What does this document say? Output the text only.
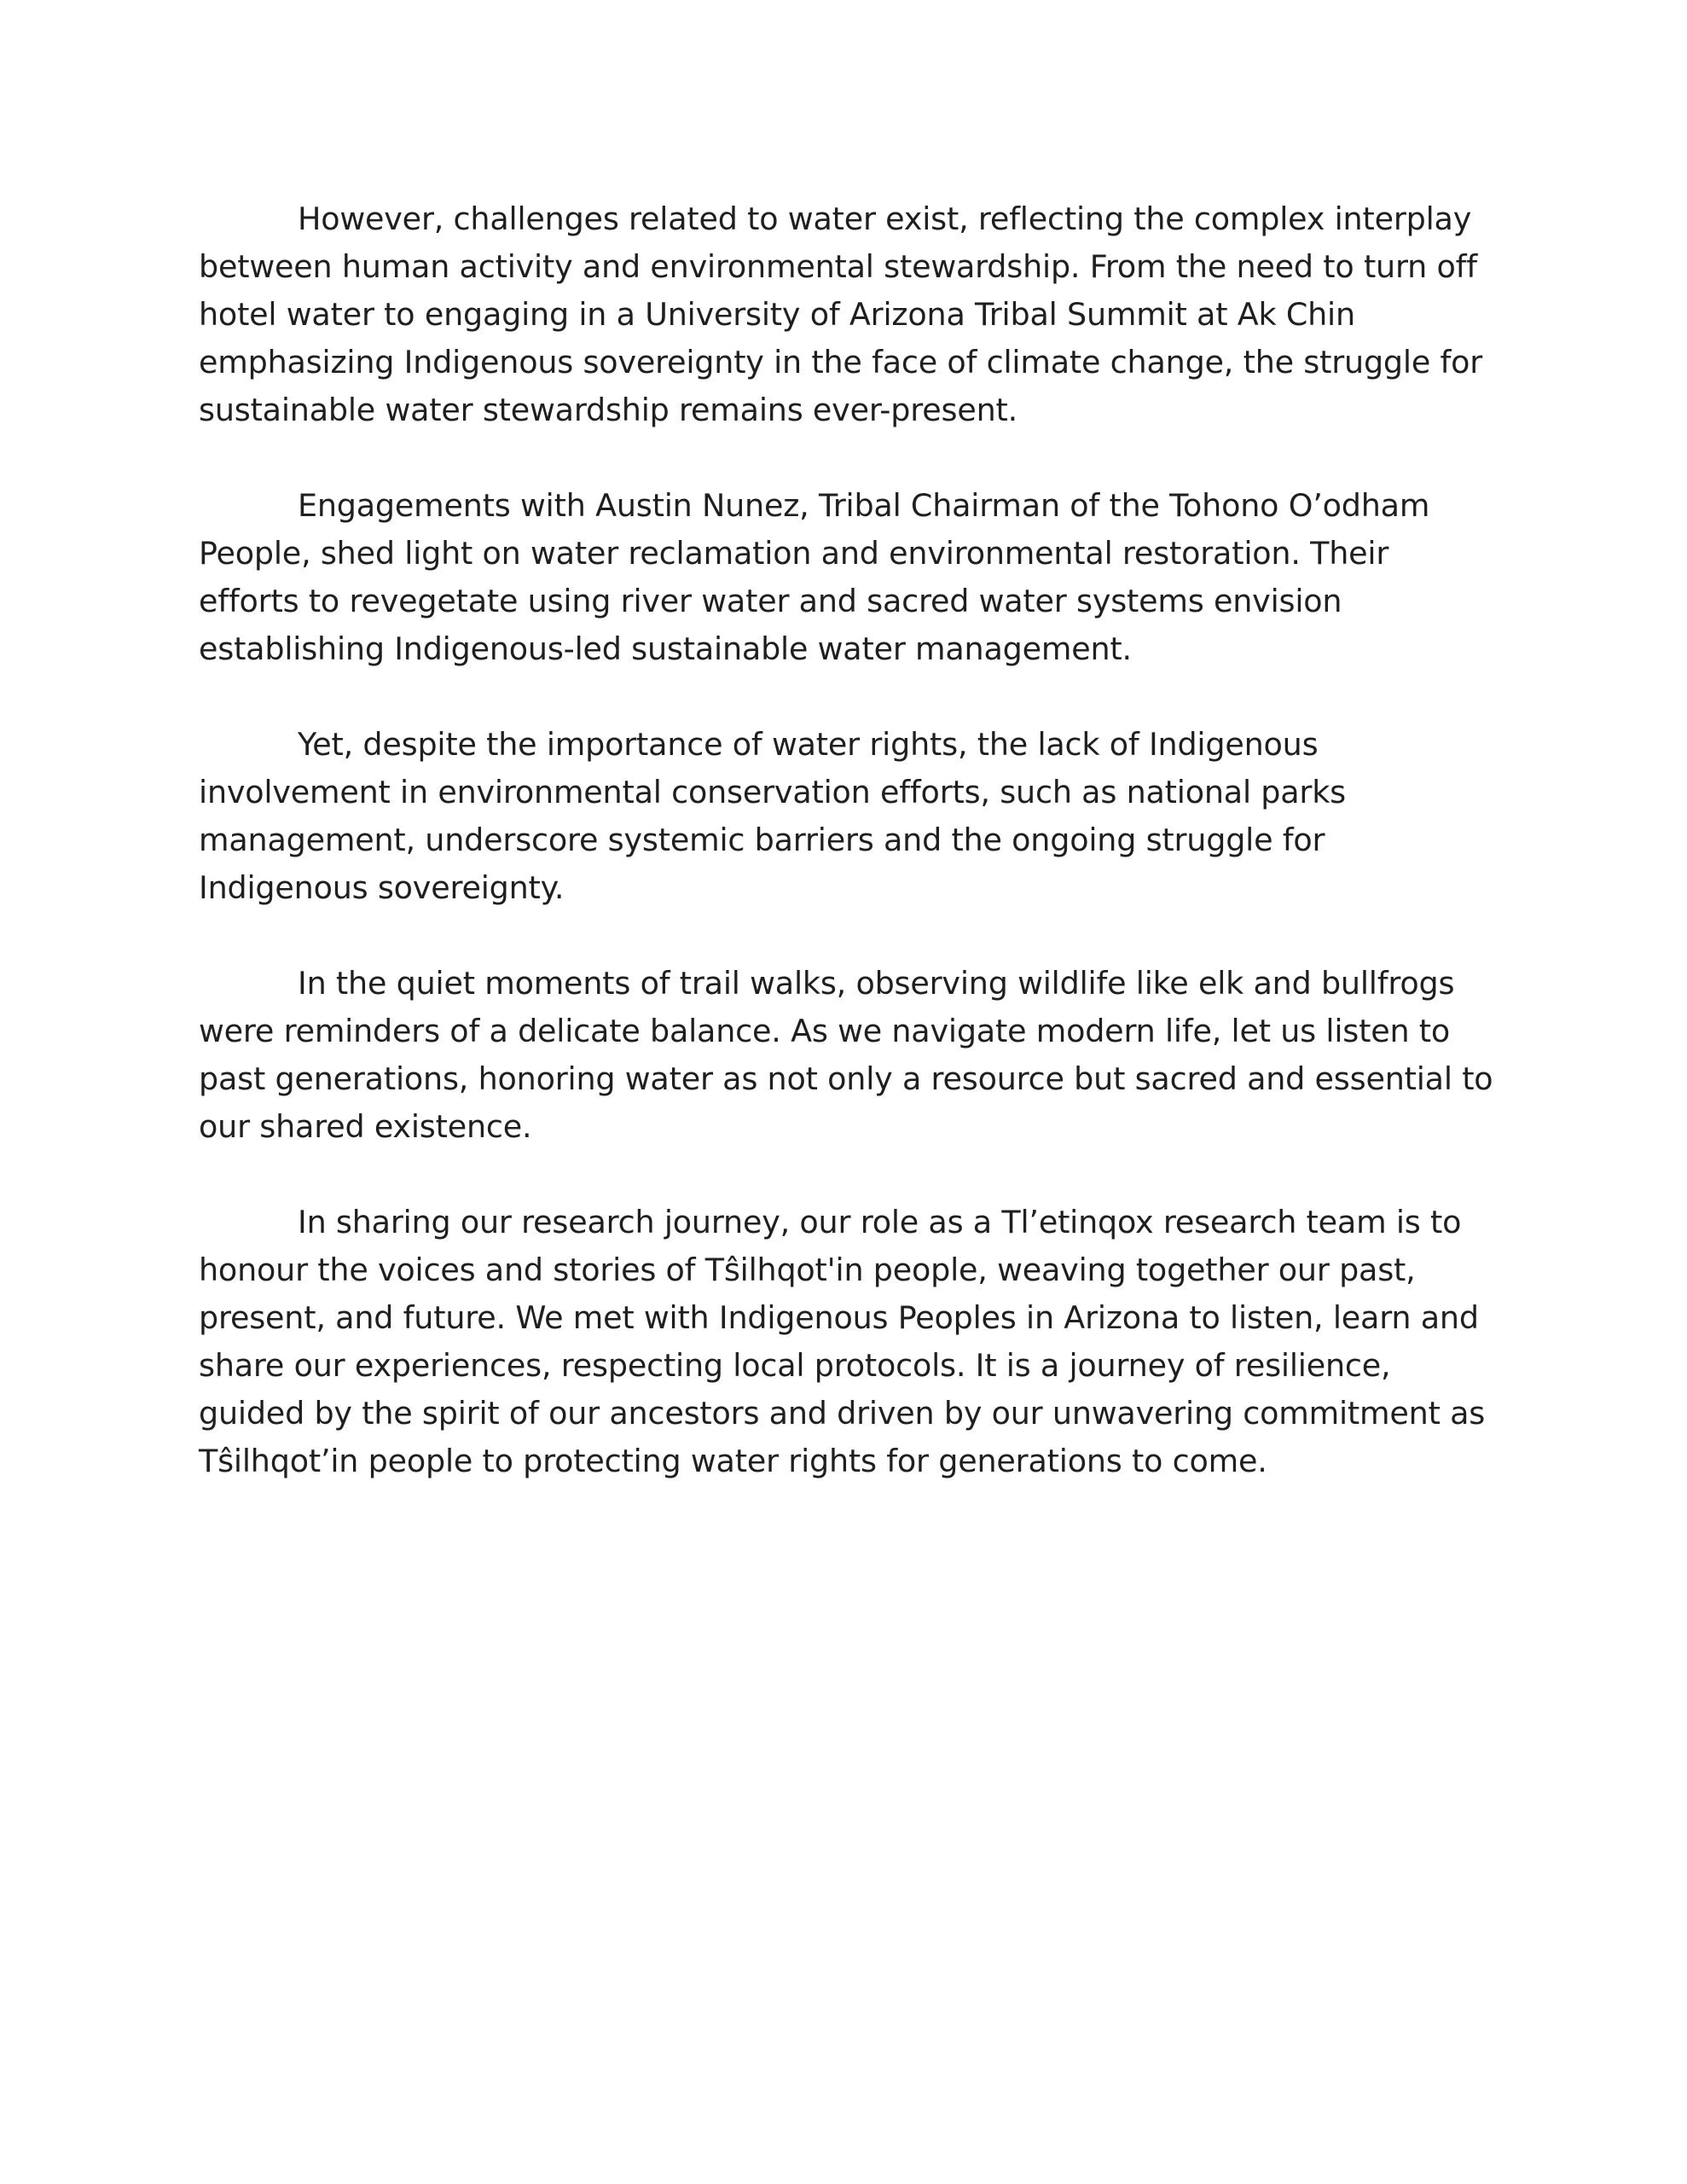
However, challenges related to water exist, reflecting the complex interplay between human activity and environmental stewardship. From the need to turn off hotel water to engaging in a University of Arizona Tribal Summit at Ak Chin emphasizing Indigenous sovereignty in the face of climate change, the struggle for sustainable water stewardship remains ever-present.

Engagements with Austin Nunez, Tribal Chairman of the Tohono O’odham People, shed light on water reclamation and environmental restoration. Their efforts to revegetate using river water and sacred water systems envision establishing Indigenous-led sustainable water management.

Yet, despite the importance of water rights, the lack of Indigenous involvement in environmental conservation efforts, such as national parks management, underscore systemic barriers and the ongoing struggle for Indigenous sovereignty.

In the quiet moments of trail walks, observing wildlife like elk and bullfrogs were reminders of a delicate balance. As we navigate modern life, let us listen to past generations, honoring water as not only a resource but sacred and essential to our shared existence.

In sharing our research journey, our role as a Tl’etinqox research team is to honour the voices and stories of Tŝilhqot'in people, weaving together our past, present, and future. We met with Indigenous Peoples in Arizona to listen, learn and share our experiences, respecting local protocols. It is a journey of resilience, guided by the spirit of our ancestors and driven by our unwavering commitment as Tŝilhqot’in people to protecting water rights for generations to come.
